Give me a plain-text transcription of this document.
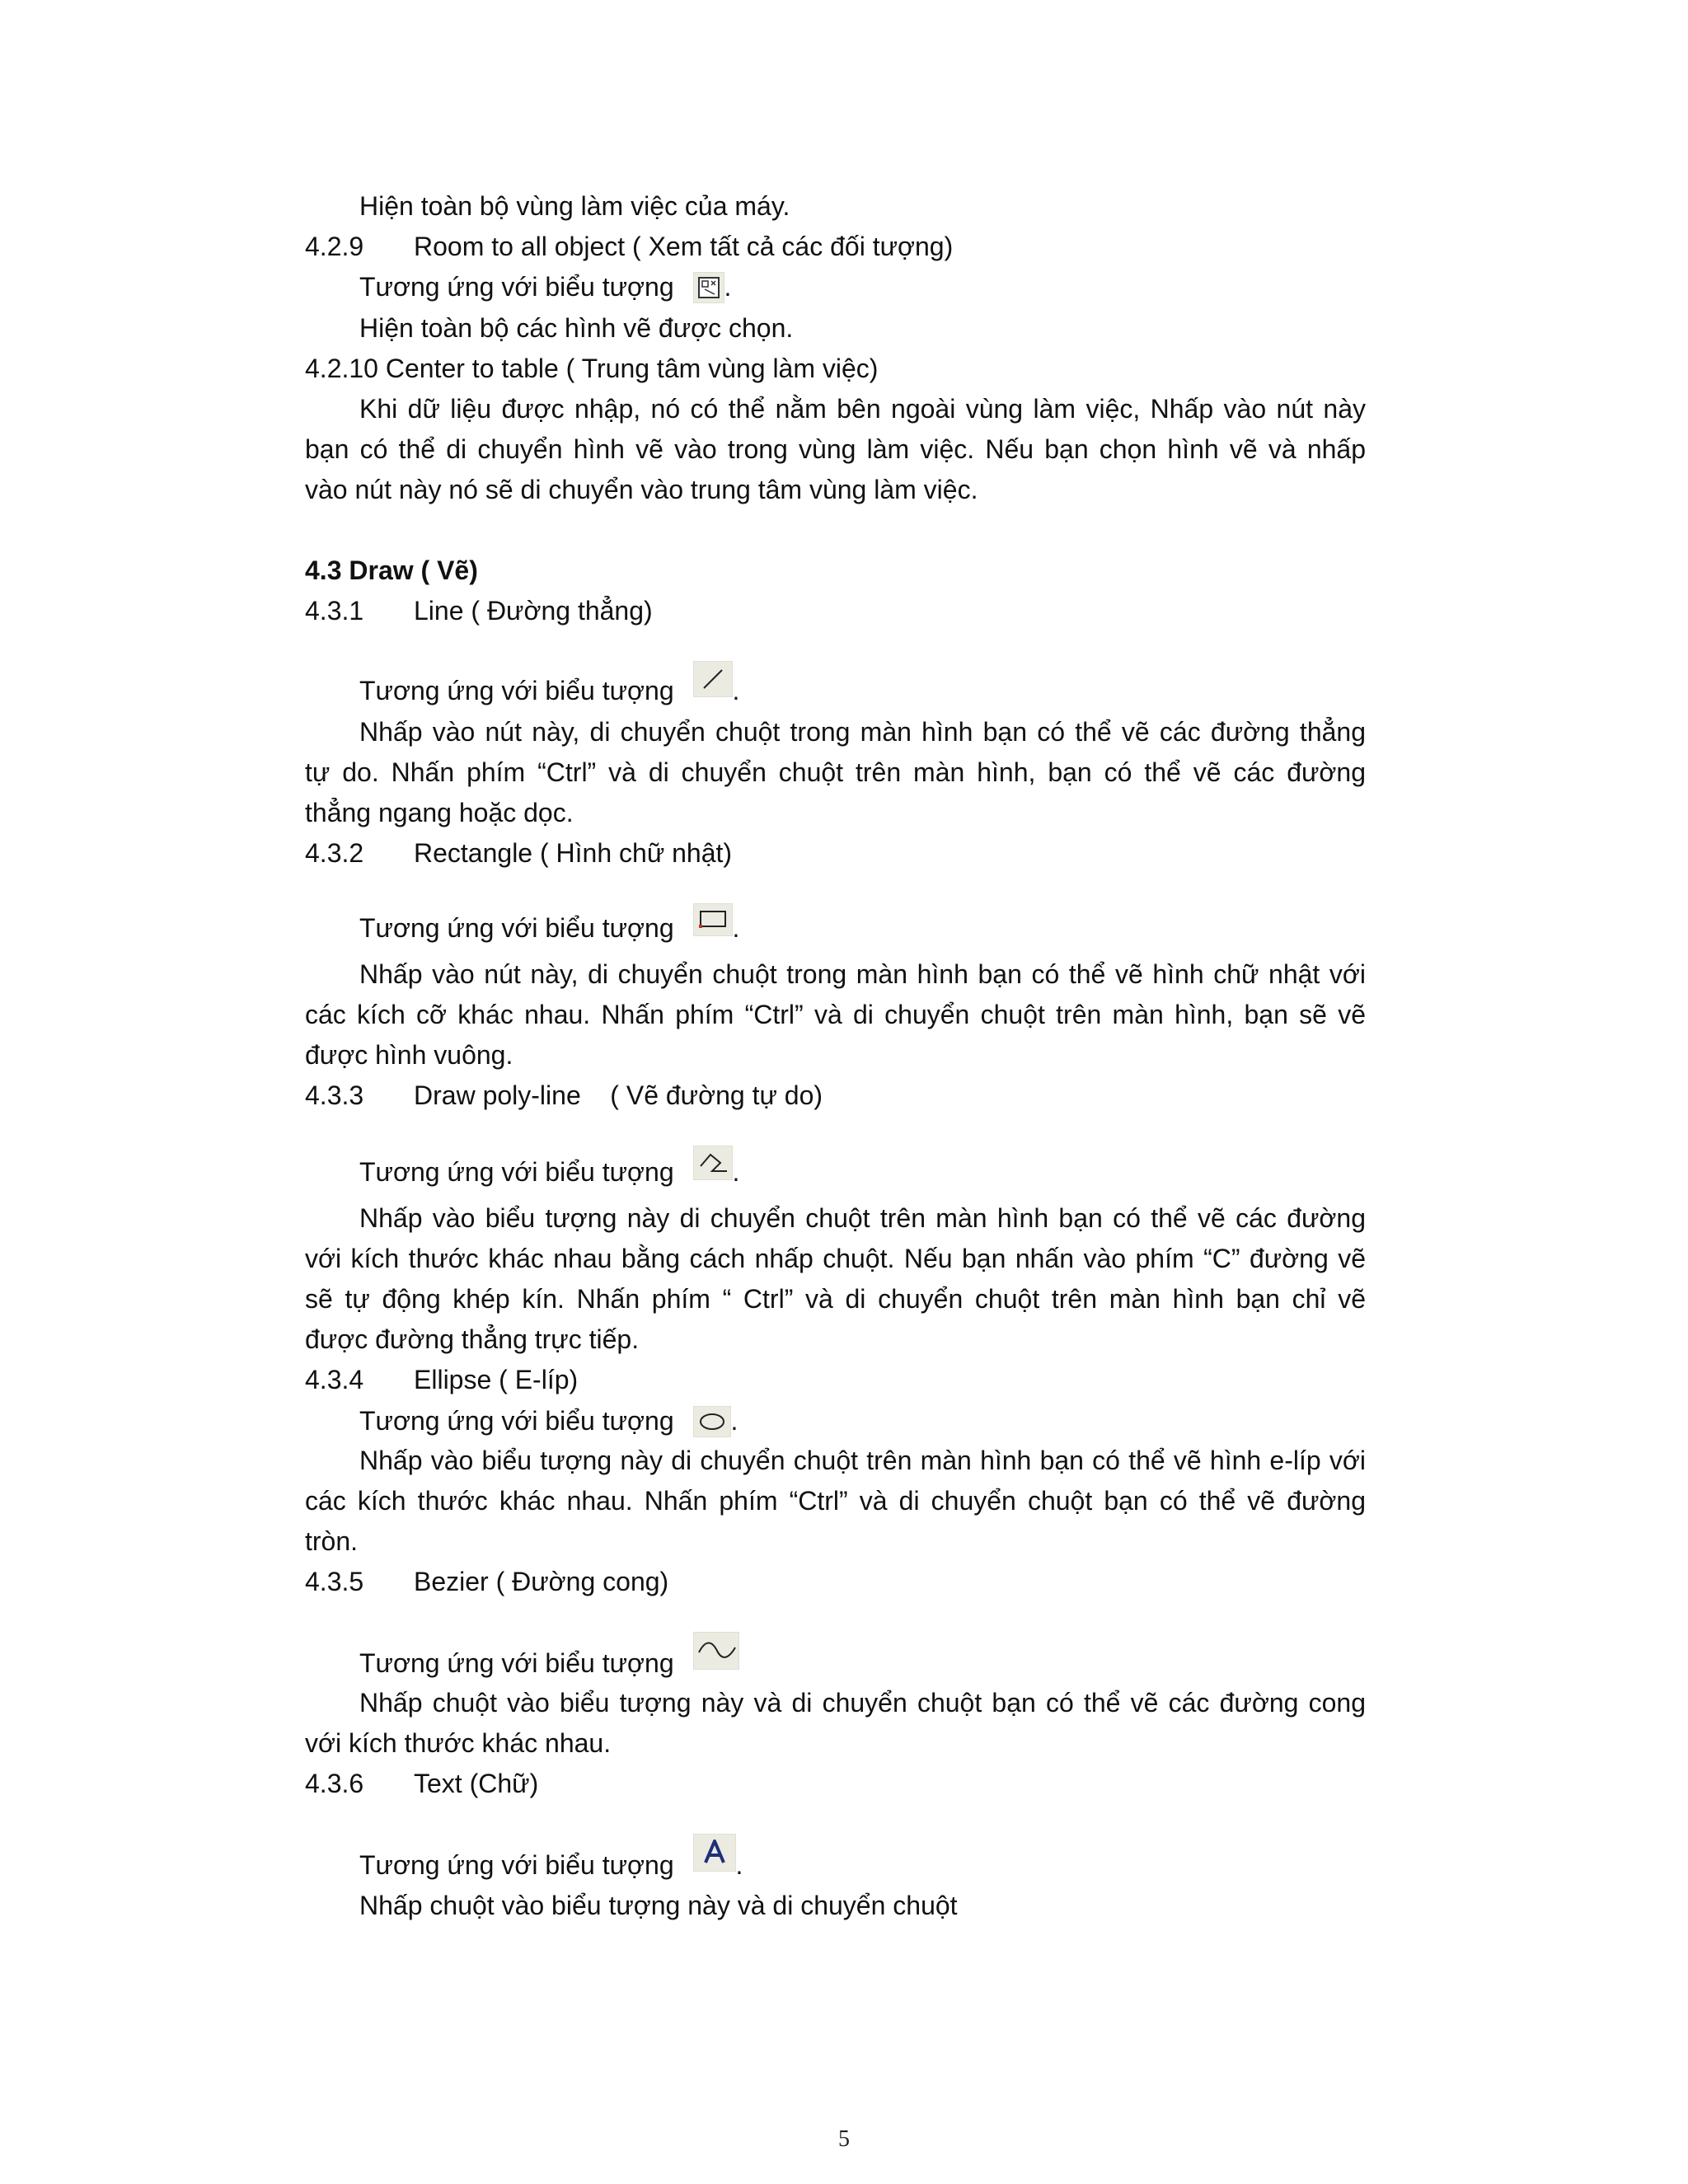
Hiện toàn bộ vùng làm việc của máy.
4.2.9 Room to all object ( Xem tất cả các đối tượng)
Tương ứng với biểu tượng .
Hiện toàn bộ các hình vẽ được chọn.
4.2.10 Center to table ( Trung tâm vùng làm việc)
Khi dữ liệu được nhập, nó có thể nằm bên ngoài vùng làm việc, Nhấp vào nút này
bạn có thể di chuyển hình vẽ vào trong vùng làm việc. Nếu bạn chọn hình vẽ và nhấp
vào nút này nó sẽ di chuyển vào trung tâm vùng làm việc.
4.3 Draw ( Vẽ)
4.3.1 Line ( Đường thẳng)
Tương ứng với biểu tượng .
Nhấp vào nút này, di chuyển chuột trong màn hình bạn có thể vẽ các đường thẳng
tự do. Nhấn phím “Ctrl” và di chuyển chuột trên màn hình, bạn có thể vẽ các đường
thẳng ngang hoặc dọc.
4.3.2 Rectangle ( Hình chữ nhật)
Tương ứng với biểu tượng .
Nhấp vào nút này, di chuyển chuột trong màn hình bạn có thể vẽ hình chữ nhật với
các kích cỡ khác nhau. Nhấn phím “Ctrl” và di chuyển chuột trên màn hình, bạn sẽ vẽ
được hình vuông.
4.3.3 Draw poly-line    ( Vẽ đường tự do)
Tương ứng với biểu tượng .
Nhấp vào biểu tượng này di chuyển chuột trên màn hình bạn có thể vẽ các đường
với kích thước khác nhau bằng cách nhấp chuột. Nếu bạn nhấn vào phím “C” đường vẽ
sẽ tự động khép kín. Nhấn phím “ Ctrl” và di chuyển chuột trên màn hình bạn chỉ vẽ
được đường thẳng trực tiếp.
4.3.4 Ellipse ( E-líp)
Tương ứng với biểu tượng .
Nhấp vào biểu tượng này di chuyển chuột trên màn hình bạn có thể vẽ hình e-líp với
các kích thước khác nhau. Nhấn phím “Ctrl” và di chuyển chuột bạn có thể vẽ đường
tròn.
4.3.5 Bezier ( Đường cong)
Tương ứng với biểu tượng
Nhấp chuột vào biểu tượng này và di chuyển chuột bạn có thể vẽ các đường cong
với kích thước khác nhau.
4.3.6 Text (Chữ)
Tương ứng với biểu tượng .
Nhấp chuột vào biểu tượng này và di chuyển chuột
5
